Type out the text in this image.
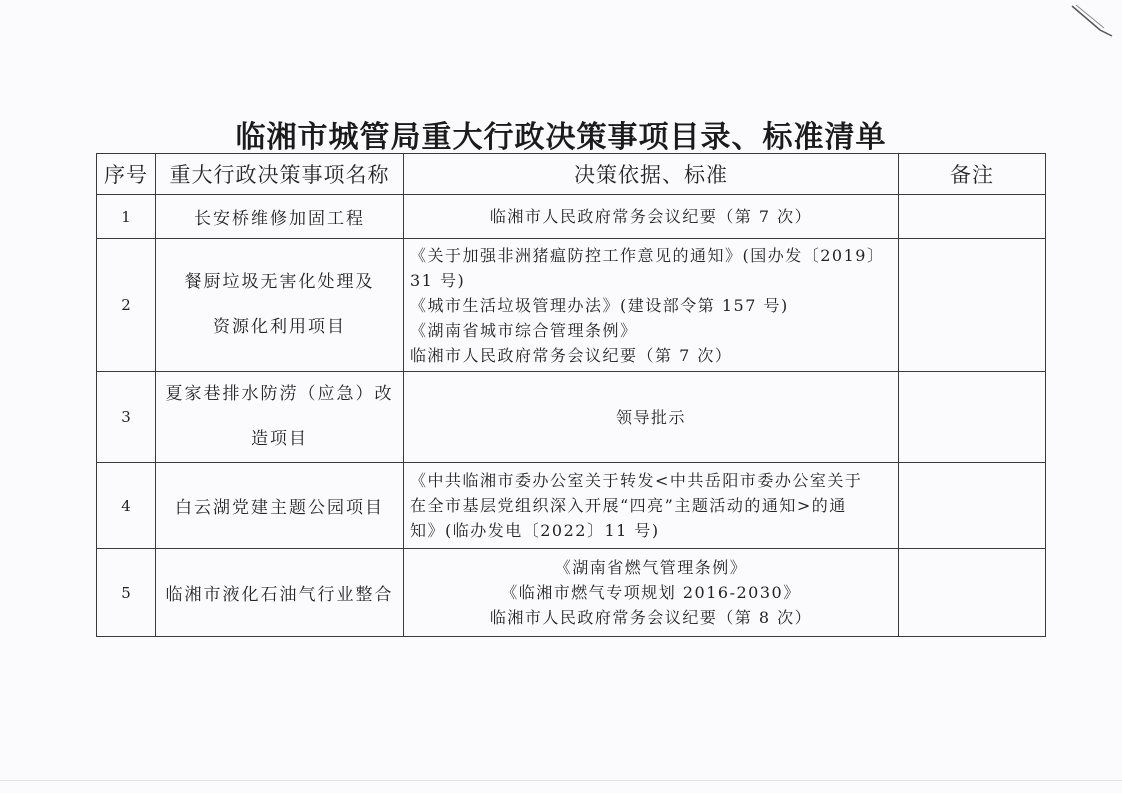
临湘市城管局重大行政决策事项目录、标准清单
序号	重大行政决策事项名称	决策依据、标准	备注
1	长安桥维修加固工程	临湘市人民政府常务会议纪要（第 7 次）	

2	餐厨垃圾无害化处理及
资源化利用项目	《关于加强非洲猪瘟防控工作意见的通知》(国办发〔2019〕
31 号)
《城市生活垃圾管理办法》(建设部令第 157 号)
《湖南省城市综合管理条例》
临湘市人民政府常务会议纪要（第 7 次）	

3	夏家巷排水防涝（应急）改
造项目	领导批示	

4	白云湖党建主题公园项目	《中共临湘市委办公室关于转发<中共岳阳市委办公室关于
在全市基层党组织深入开展“四亮”主题活动的通知>的通
知》(临办发电〔2022〕11 号)	

5	临湘市液化石油气行业整合	《湖南省燃气管理条例》
《临湘市燃气专项规划 2016-2030》
临湘市人民政府常务会议纪要（第 8 次）	
